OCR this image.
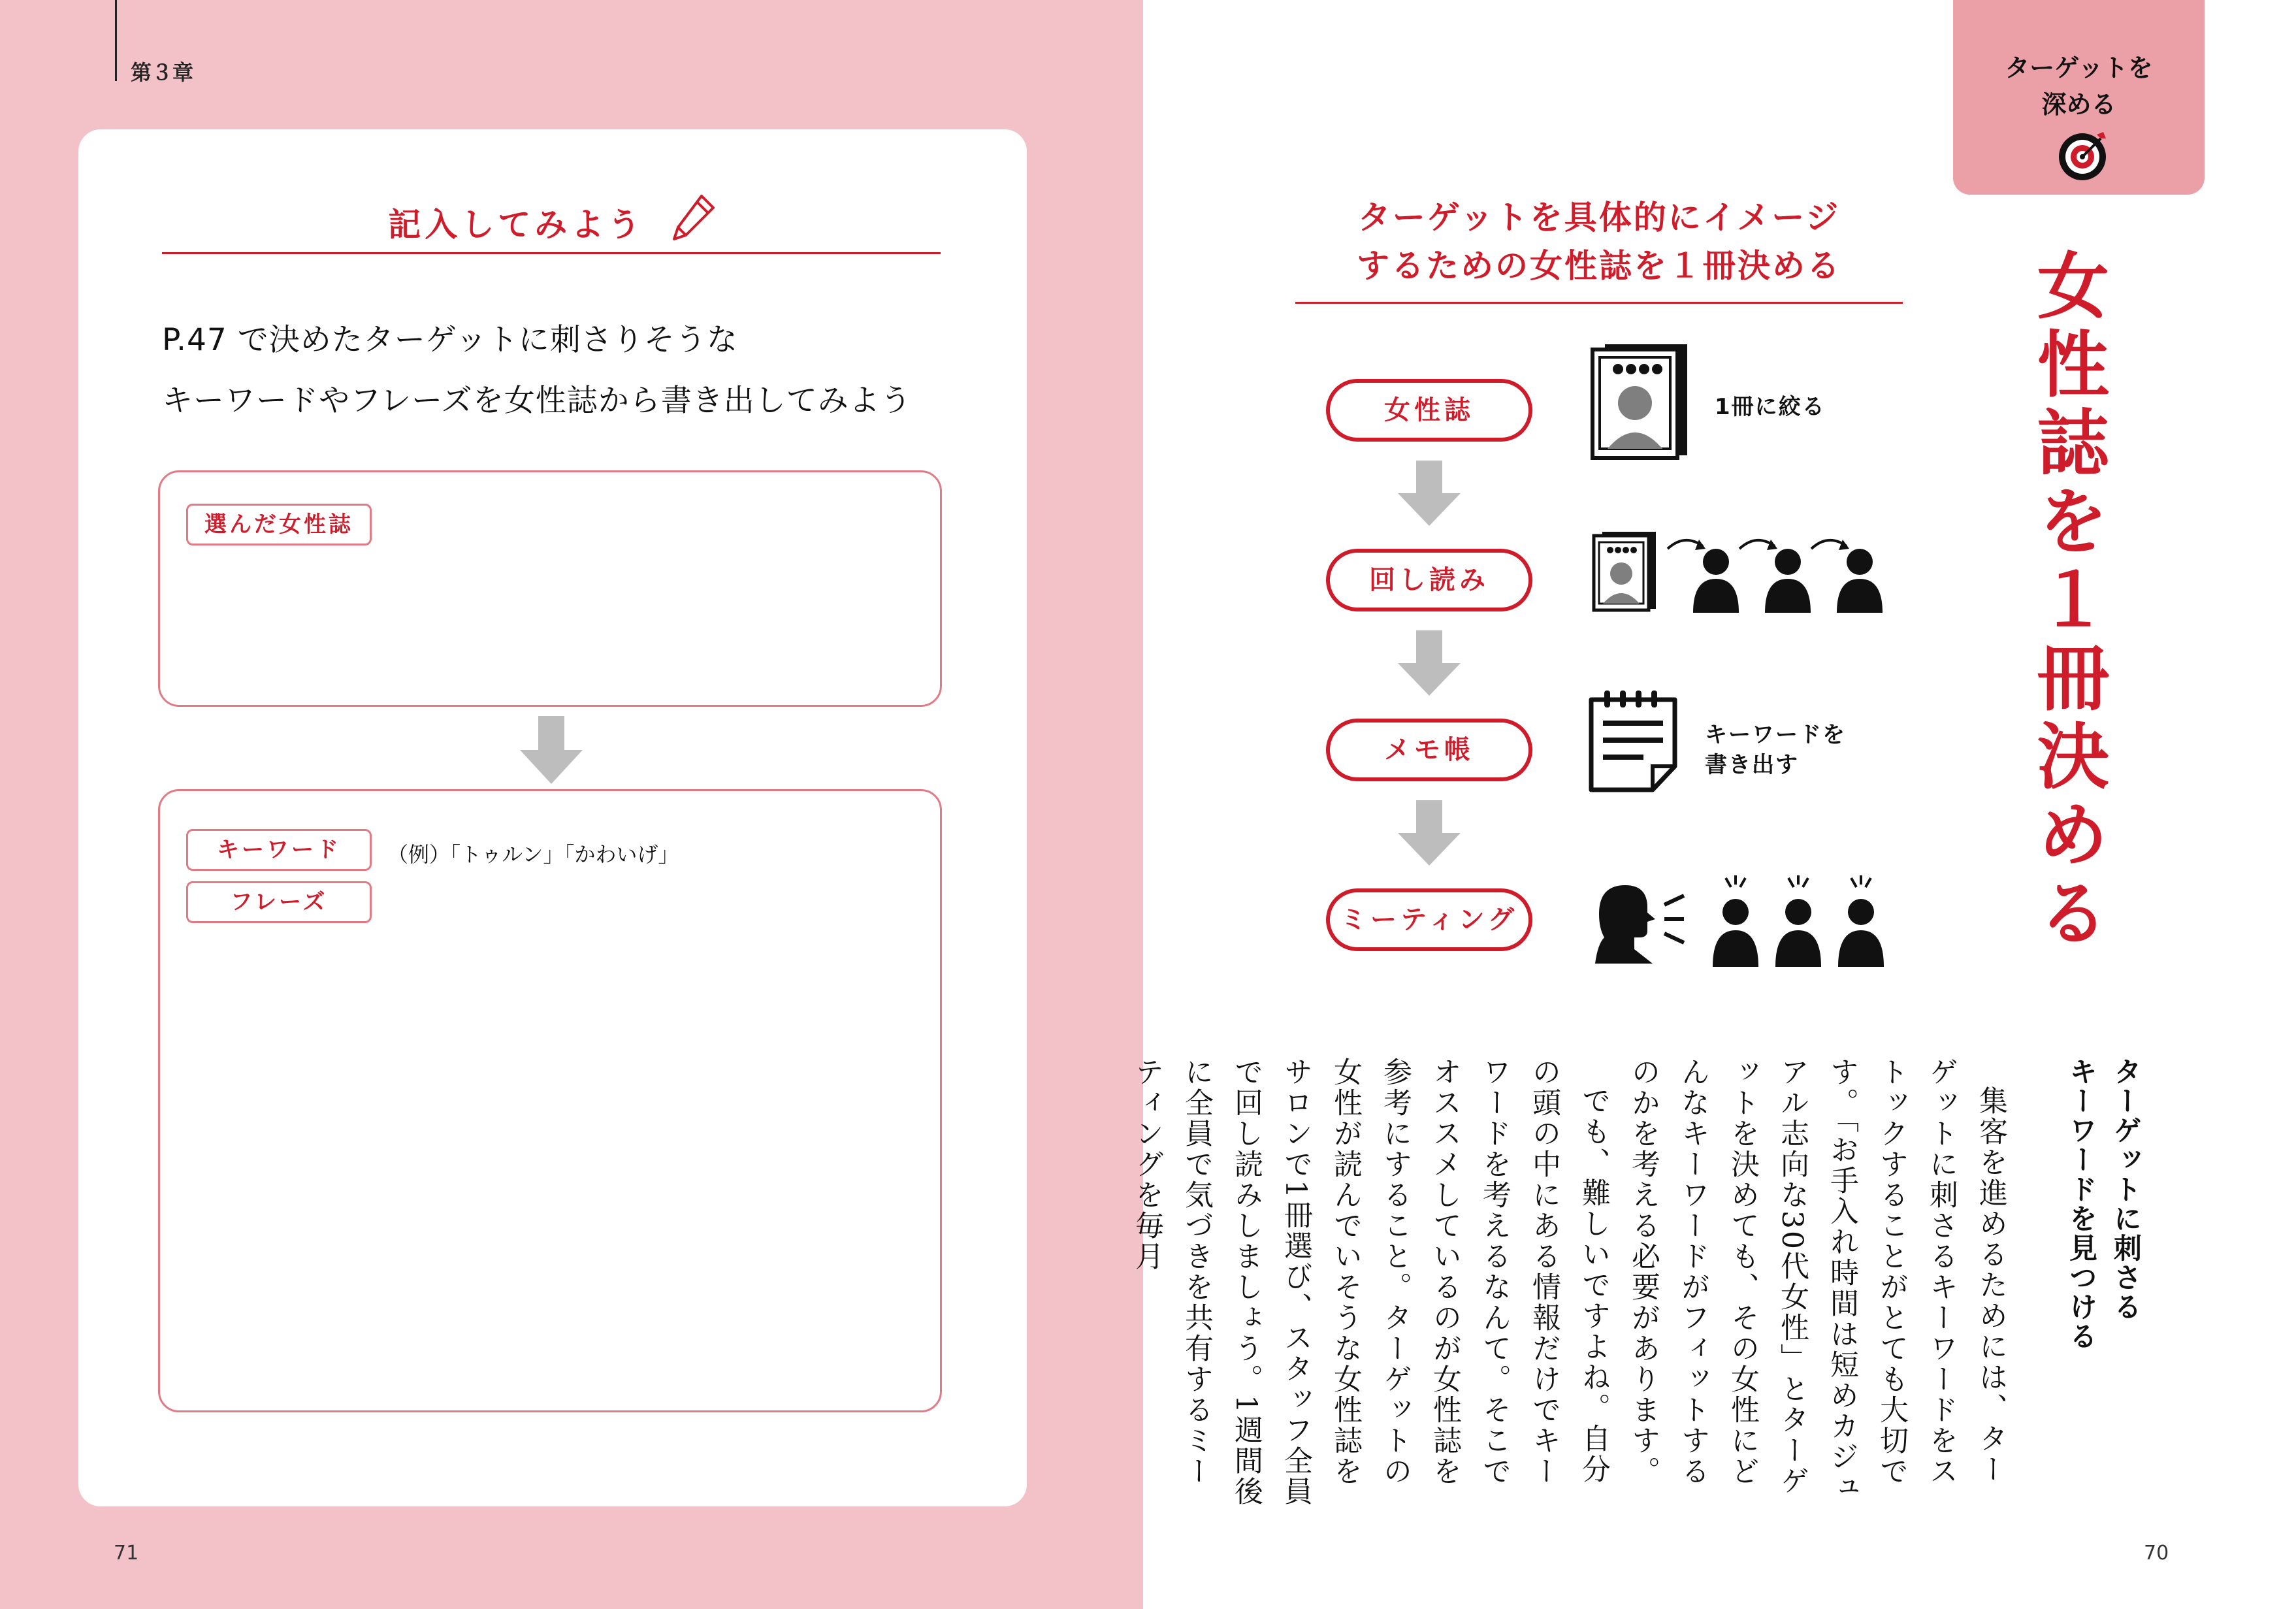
第３章
記入してみよう
P.47 で決めたターゲットに刺さりそうな
キーワードやフレーズを女性誌から書き出してみよう
選んだ女性誌
キーワード
フレーズ
（例）「トゥルン」「かわいげ」
71
ターゲットを
深める
ターゲットを具体的にイメージ
するための女性誌を１冊決める	女性誌を１冊決める
女性誌
回し読み
メモ帳
ミーティング
1冊に絞る
キーワードを
書き出す
ターゲットに刺さる
キーワードを見つける

集客を進めるためには、ターゲットに刺さるキーワードをストックすることがとても大切です。「お手入れ時間は短めカジュアル志向な30代女性」とターゲットを決めても、その女性にどんなキーワードがフィットするのかを考える必要があります。

でも、難しいですよね。自分の頭の中にある情報だけでキーワードを考えるなんて。そこでオススメしているのが女性誌を参考にすること。ターゲットの女性が読んでいそうな女性誌をサロンで1冊選び、スタッフ全員で回し読みしましょう。1週間後に全員で気づきを共有するミーティングを毎月

70
